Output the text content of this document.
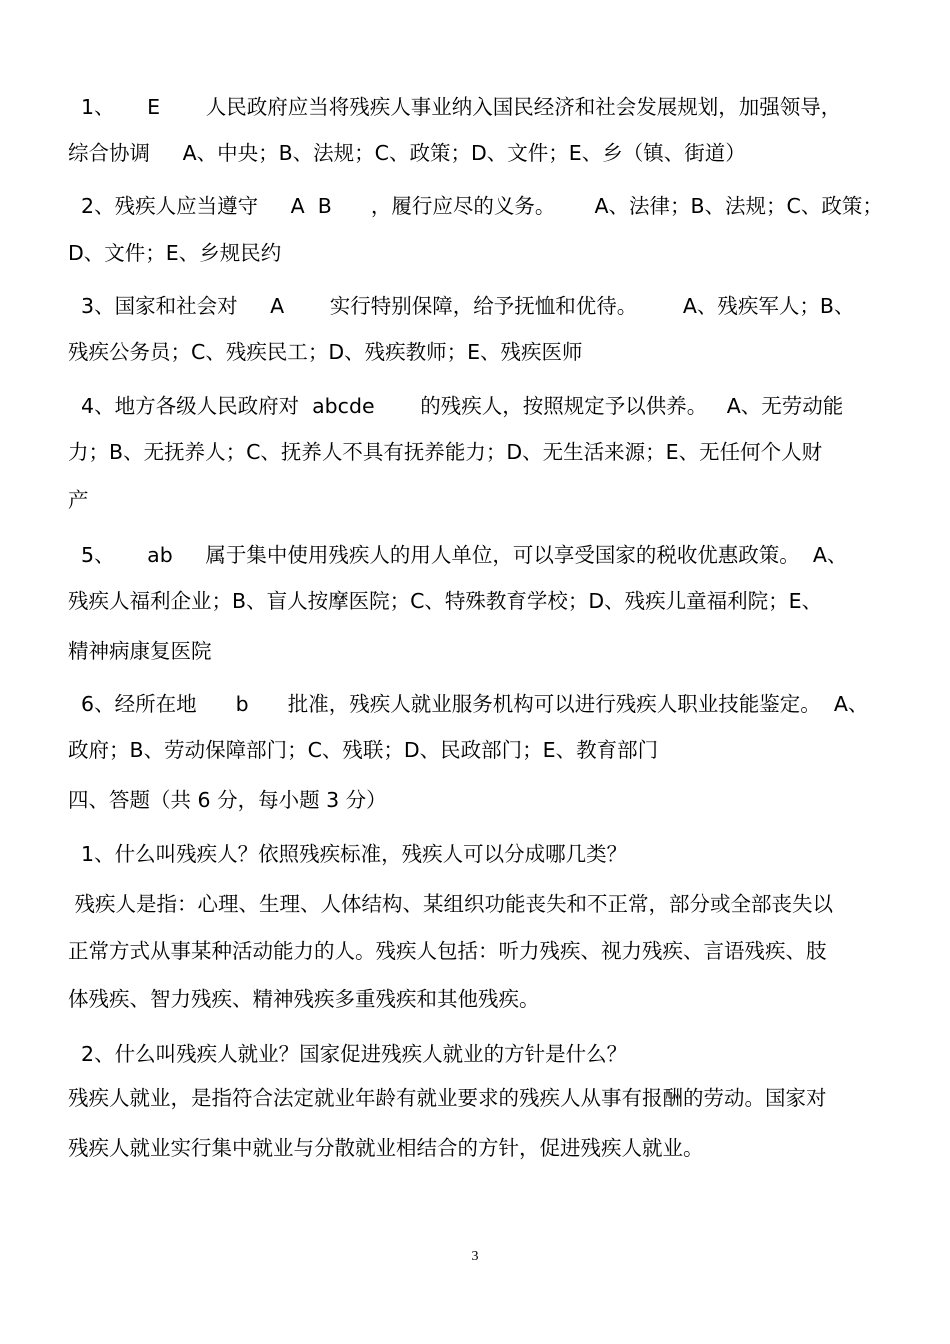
1、     E       人民政府应当将残疾人事业纳入国民经济和社会发展规划，加强领导，
综合协调     A、中央；B、法规；C、政策；D、文件；E、乡（镇、街道）
2、残疾人应当遵守     A  B      ，履行应尽的义务。      A、法律；B、法规；C、政策；
D、文件；E、乡规民约
3、国家和社会对     A       实行特别保障，给予抚恤和优待。       A、残疾军人；B、
残疾公务员；C、残疾民工；D、残疾教师；E、残疾医师
4、地方各级人民政府对  abcde       的残疾人，按照规定予以供养。   A、无劳动能
力；B、无抚养人；C、抚养人不具有抚养能力；D、无生活来源；E、无任何个人财
产
5、     ab     属于集中使用残疾人的用人单位，可以享受国家的税收优惠政策。  A、
残疾人福利企业；B、盲人按摩医院；C、特殊教育学校；D、残疾儿童福利院；E、
精神病康复医院
6、经所在地      b      批准，残疾人就业服务机构可以进行残疾人职业技能鉴定。  A、
政府；B、劳动保障部门；C、残联；D、民政部门；E、教育部门
四、答题（共 6 分，每小题 3 分）
1、什么叫残疾人？依照残疾标准，残疾人可以分成哪几类？
残疾人是指：心理、生理、人体结构、某组织功能丧失和不正常，部分或全部丧失以
正常方式从事某种活动能力的人。残疾人包括：听力残疾、视力残疾、言语残疾、肢
体残疾、智力残疾、精神残疾多重残疾和其他残疾。
2、什么叫残疾人就业？国家促进残疾人就业的方针是什么？
残疾人就业，是指符合法定就业年龄有就业要求的残疾人从事有报酬的劳动。国家对
残疾人就业实行集中就业与分散就业相结合的方针，促进残疾人就业。
3
